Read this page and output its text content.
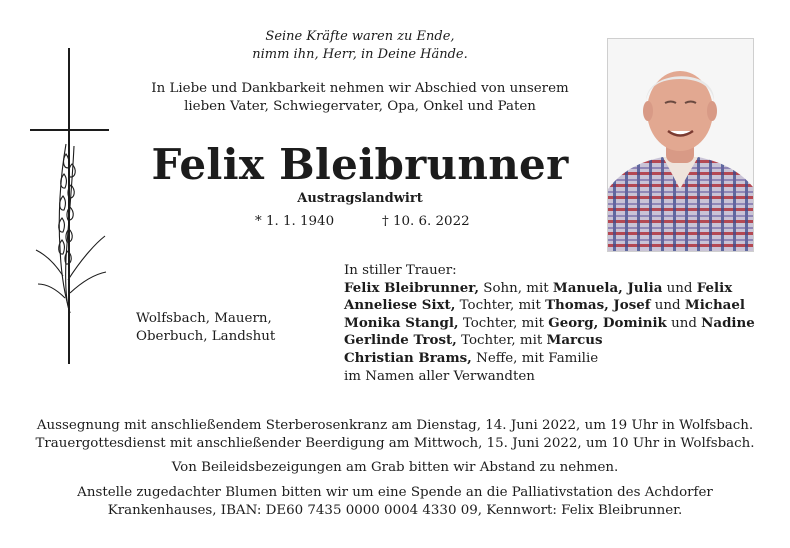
Seine Kräfte waren zu Ende,
nimm ihn, Herr, in Deine Hände.
In Liebe und Dankbarkeit nehmen wir Abschied von unserem
lieben Vater, Schwiegervater, Opa, Onkel und Paten
Felix Bleibrunner
Austragslandwirt
* 1. 1. 1940	† 10. 6. 2022
Wolfsbach, Mauern,
Oberbuch, Landshut
In stiller Trauer:
Felix Bleibrunner, Sohn, mit Manuela, Julia und Felix
Anneliese Sixt, Tochter, mit Thomas, Josef und Michael
Monika Stangl, Tochter, mit Georg, Dominik und Nadine
Gerlinde Trost, Tochter, mit Marcus
Christian Brams, Neffe, mit Familie
im Namen aller Verwandten
Aussegnung mit anschließendem Sterberosenkranz am Dienstag, 14. Juni 2022, um 19 Uhr in Wolfsbach.
Trauergottesdienst mit anschließender Beerdigung am Mittwoch, 15. Juni 2022, um 10 Uhr in Wolfsbach.
Von Beileidsbezeigungen am Grab bitten wir Abstand zu nehmen.
Anstelle zugedachter Blumen bitten wir um eine Spende an die Palliativstation des Achdorfer
Krankenhauses, IBAN: DE60 7435 0000 0004 4330 09, Kennwort: Felix Bleibrunner.
